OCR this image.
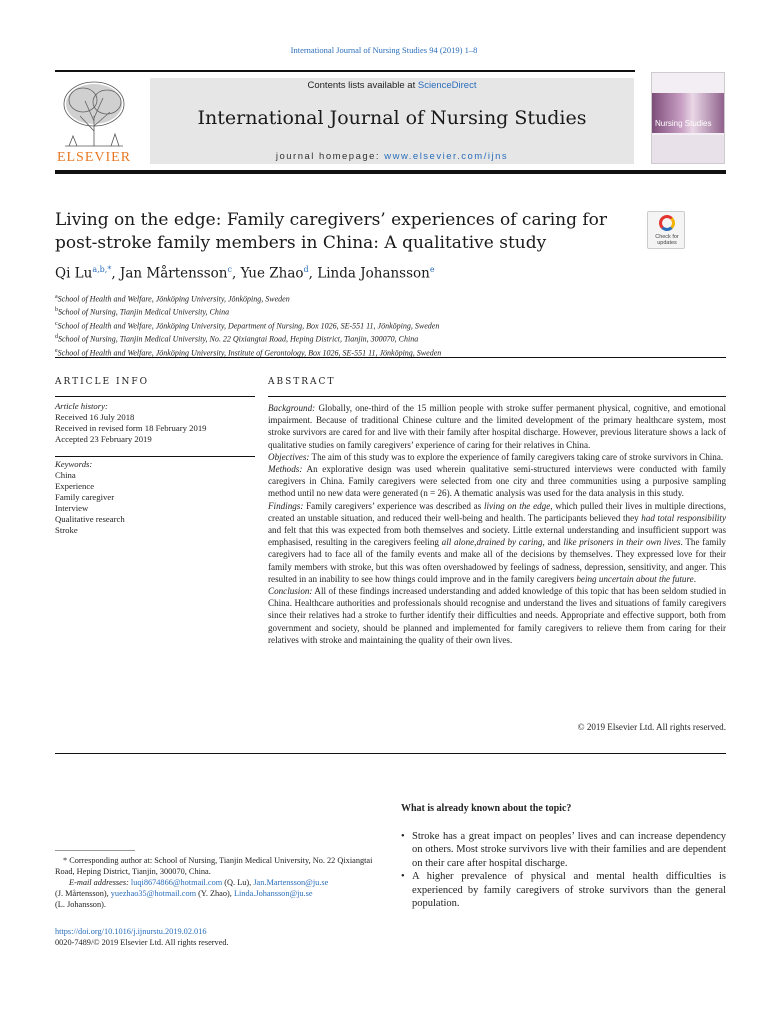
International Journal of Nursing Studies 94 (2019) 1–8
ELSEVIER
Contents lists available at ScienceDirect
International Journal of Nursing Studies
journal homepage: www.elsevier.com/ijns
Nursing Studies
Living on the edge: Family caregivers’ experiences of caring for post-stroke family members in China: A qualitative study	Check for updates
Qi $Lu^{a,b,*}$, Jan Mårtensson$^c$, Yue Zhao$^d$, Linda Johansson$^e$
$^a$School of Health and Welfare, Jönköping University, Jönköping, Sweden
$^b$School of Nursing, Tianjin Medical University, China
$^c$School of Health and Welfare, Jönköping University, Department of Nursing, Box 1026, SE-551 11, Jönköping, Sweden
$^d$School of Nursing, Tianjin Medical University, No. 22 Qixiangtai Road, Heping District, Tianjin, 300070, China
$^e$School of Health and Welfare, Jönköping University, Institute of Gerontology, Box 1026, SE-551 11, Jönköping, Sweden
ARTICLE INFO	ABSTRACT
Article history:
Received 16 July 2018
Received in revised form 18 February 2019
Accepted 23 February 2019
Keywords:
China
Experience
Family caregiver
Interview
Qualitative research
Stroke

Background: Globally, one-third of the 15 million people with stroke suffer permanent physical, cognitive, and emotional impairment. Because of traditional Chinese culture and the limited development of the primary healthcare system, most stroke survivors are cared for and live with their family after hospital discharge. However, previous literature shows a lack of qualitative studies on family caregivers’ experience of caring for their relatives in China.

Objectives: The aim of this study was to explore the experience of family caregivers taking care of stroke survivors in China.

Methods: An explorative design was used wherein qualitative semi-structured interviews were conducted with family caregivers in China. Family caregivers were selected from one city and three communities using a purposive sampling method until no new data were generated (n = 26). A thematic analysis was used for the data analysis in this study.

Findings: Family caregivers’ experience was described as living on the edge, which pulled their lives in multiple directions, created an unstable situation, and reduced their well-being and health. The participants believed they had total responsibility and felt that this was expected from both themselves and society. Little external understanding and insufficient support was emphasised, resulting in the caregivers feeling all alone,drained by caring, and like prisoners in their own lives. The family caregivers had to face all of the family events and make all of the decisions by themselves. They expressed love for their family members with stroke, but this was often overshadowed by feelings of sadness, depression, sensitivity, and anger. This resulted in an inability to see how things could improve and in the family caregivers being uncertain about the future.

Conclusion: All of these findings increased understanding and added knowledge of this topic that has been seldom studied in China. Healthcare authorities and professionals should recognise and understand the lives and situations of family caregivers since their relatives had a stroke to further identify their difficulties and needs. Appropriate and effective support, both from government and society, should be planned and implemented for family caregivers to relieve them from caring for their relatives with stroke and maintaining the quality of their own lives.

© 2019 Elsevier Ltd. All rights reserved.
What is already known about the topic?
• Stroke has a great impact on peoples’ lives and can increase dependency on others. Most stroke survivors live with their families and are dependent on their care after hospital discharge.
• A higher prevalence of physical and mental health difficulties is experienced by family caregivers of stroke survivors than the general population.
* Corresponding author at: School of Nursing, Tianjin Medical University, No. 22 Qixiangtai Road, Heping District, Tianjin, 300070, China.
E-mail addresses: luqi8674866@hotmail.com (Q. Lu), Jan.Martensson@ju.se
(J. Mårtensson), yuezhao35@hotmail.com (Y. Zhao), Linda.Johansson@ju.se
(L. Johansson).
https://doi.org/10.1016/j.ijnurstu.2019.02.016
0020-7489/© 2019 Elsevier Ltd. All rights reserved.
